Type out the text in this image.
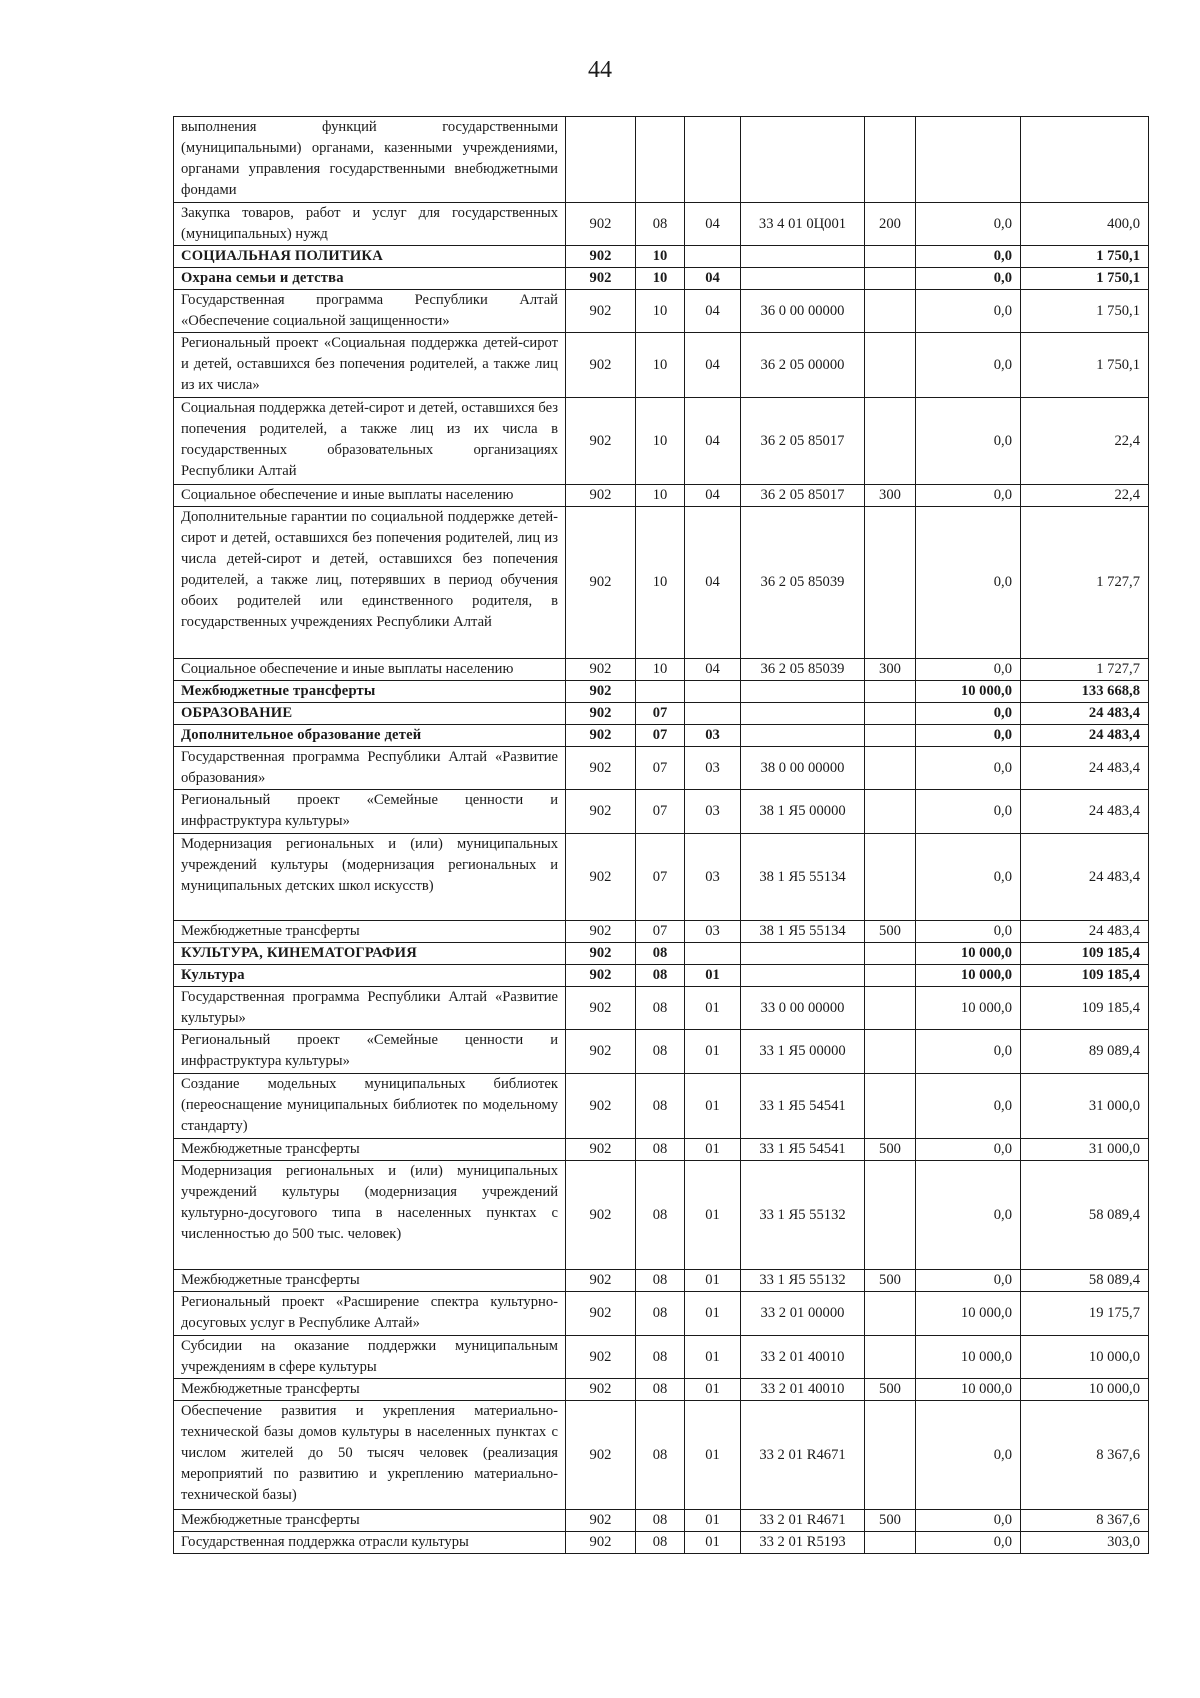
44
выполнения функций государственными (муниципальными) органами, казенными учреждениями, органами управления государственными внебюджетными фондами							
Закупка товаров, работ и услуг для государственных (муниципальных) нужд	902	08	04	33 4 01 0Ц001	200	0,0	400,0
СОЦИАЛЬНАЯ ПОЛИТИКА	902	10				0,0	1 750,1
Охрана семьи и детства	902	10	04			0,0	1 750,1
Государственная программа Республики Алтай «Обеспечение социальной защищенности»	902	10	04	36 0 00 00000		0,0	1 750,1
Региональный проект «Социальная поддержка детей-сирот и детей, оставшихся без попечения родителей, а также лиц из их числа»	902	10	04	36 2 05 00000		0,0	1 750,1
Социальная поддержка детей-сирот и детей, оставшихся без попечения родителей, а также лиц из их числа в государственных образовательных организациях Республики Алтай	902	10	04	36 2 05 85017		0,0	22,4
Социальное обеспечение и иные выплаты населению	902	10	04	36 2 05 85017	300	0,0	22,4
Дополнительные гарантии по социальной поддержке детей-сирот и детей, оставшихся без попечения родителей, лиц из числа детей-сирот и детей, оставшихся без попечения родителей, а также лиц, потерявших в период обучения обоих родителей или единственного родителя, в государственных учреждениях Республики Алтай	902	10	04	36 2 05 85039		0,0	1 727,7
Социальное обеспечение и иные выплаты населению	902	10	04	36 2 05 85039	300	0,0	1 727,7
Межбюджетные трансферты	902					10 000,0	133 668,8
ОБРАЗОВАНИЕ	902	07				0,0	24 483,4
Дополнительное образование детей	902	07	03			0,0	24 483,4
Государственная программа Республики Алтай «Развитие образования»	902	07	03	38 0 00 00000		0,0	24 483,4
Региональный проект «Семейные ценности и инфраструктура культуры»	902	07	03	38 1 Я5 00000		0,0	24 483,4
Модернизация региональных и (или) муниципальных учреждений культуры (модернизация региональных и муниципальных детских школ искусств)	902	07	03	38 1 Я5 55134		0,0	24 483,4
Межбюджетные трансферты	902	07	03	38 1 Я5 55134	500	0,0	24 483,4
КУЛЬТУРА, КИНЕМАТОГРАФИЯ	902	08				10 000,0	109 185,4
Культура	902	08	01			10 000,0	109 185,4
Государственная программа Республики Алтай «Развитие культуры»	902	08	01	33 0 00 00000		10 000,0	109 185,4
Региональный проект «Семейные ценности и инфраструктура культуры»	902	08	01	33 1 Я5 00000		0,0	89 089,4
Создание модельных муниципальных библиотек (переоснащение муниципальных библиотек по модельному стандарту)	902	08	01	33 1 Я5 54541		0,0	31 000,0
Межбюджетные трансферты	902	08	01	33 1 Я5 54541	500	0,0	31 000,0
Модернизация региональных и (или) муниципальных учреждений культуры (модернизация учреждений культурно-досугового типа в населенных пунктах с численностью до 500 тыс. человек)	902	08	01	33 1 Я5 55132		0,0	58 089,4
Межбюджетные трансферты	902	08	01	33 1 Я5 55132	500	0,0	58 089,4
Региональный проект «Расширение спектра культурно-досуговых услуг в Республике Алтай»	902	08	01	33 2 01 00000		10 000,0	19 175,7
Субсидии на оказание поддержки муниципальным учреждениям в сфере культуры	902	08	01	33 2 01 40010		10 000,0	10 000,0
Межбюджетные трансферты	902	08	01	33 2 01 40010	500	10 000,0	10 000,0
Обеспечение развития и укрепления материально-технической базы домов культуры в населенных пунктах с числом жителей до 50 тысяч человек (реализация мероприятий по развитию и укреплению материально-технической базы)	902	08	01	33 2 01 R4671		0,0	8 367,6
Межбюджетные трансферты	902	08	01	33 2 01 R4671	500	0,0	8 367,6
Государственная поддержка отрасли культуры	902	08	01	33 2 01 R5193		0,0	303,0
